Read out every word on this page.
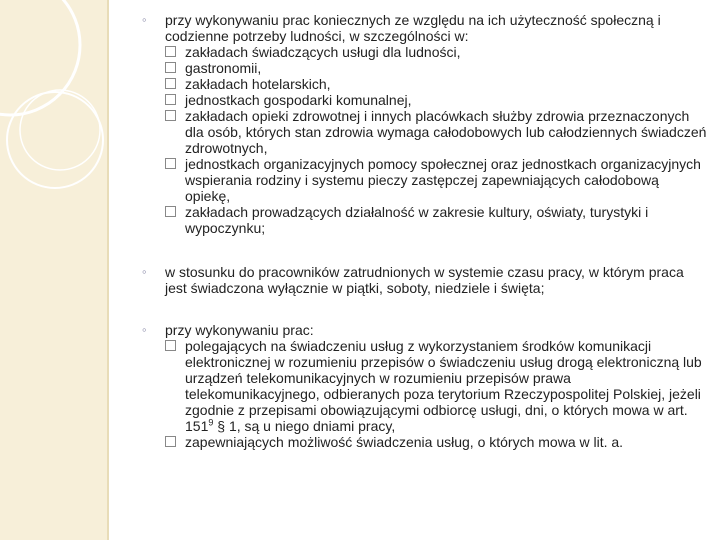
◦ przy wykonywaniu prac koniecznych ze względu na ich użyteczność społeczną i codzienne potrzeby ludności, w szczególności w:
zakładach świadczących usługi dla ludności,
gastronomii,
zakładach hotelarskich,
jednostkach gospodarki komunalnej,
zakładach opieki zdrowotnej i innych placówkach służby zdrowia przeznaczonych dla osób, których stan zdrowia wymaga całodobowych lub całodziennych świadczeń zdrowotnych,
jednostkach organizacyjnych pomocy społecznej oraz jednostkach organizacyjnych wspierania rodziny i systemu pieczy zastępczej zapewniających całodobową opiekę,
zakładach prowadzących działalność w zakresie kultury, oświaty, turystyki i wypoczynku;
◦ w stosunku do pracowników zatrudnionych w systemie czasu pracy, w którym praca jest świadczona wyłącznie w piątki, soboty, niedziele i święta;
◦ przy wykonywaniu prac:
polegających na świadczeniu usług z wykorzystaniem środków komunikacji elektronicznej w rozumieniu przepisów o świadczeniu usług drogą elektroniczną lub urządzeń telekomunikacyjnych w rozumieniu przepisów prawa telekomunikacyjnego, odbieranych poza terytorium Rzeczypospolitej Polskiej, jeżeli zgodnie z przepisami obowiązującymi odbiorcę usługi, dni, o których mowa w art. $151^9$ § 1, są u niego dniami pracy,
zapewniających możliwość świadczenia usług, o których mowa w lit. a.
